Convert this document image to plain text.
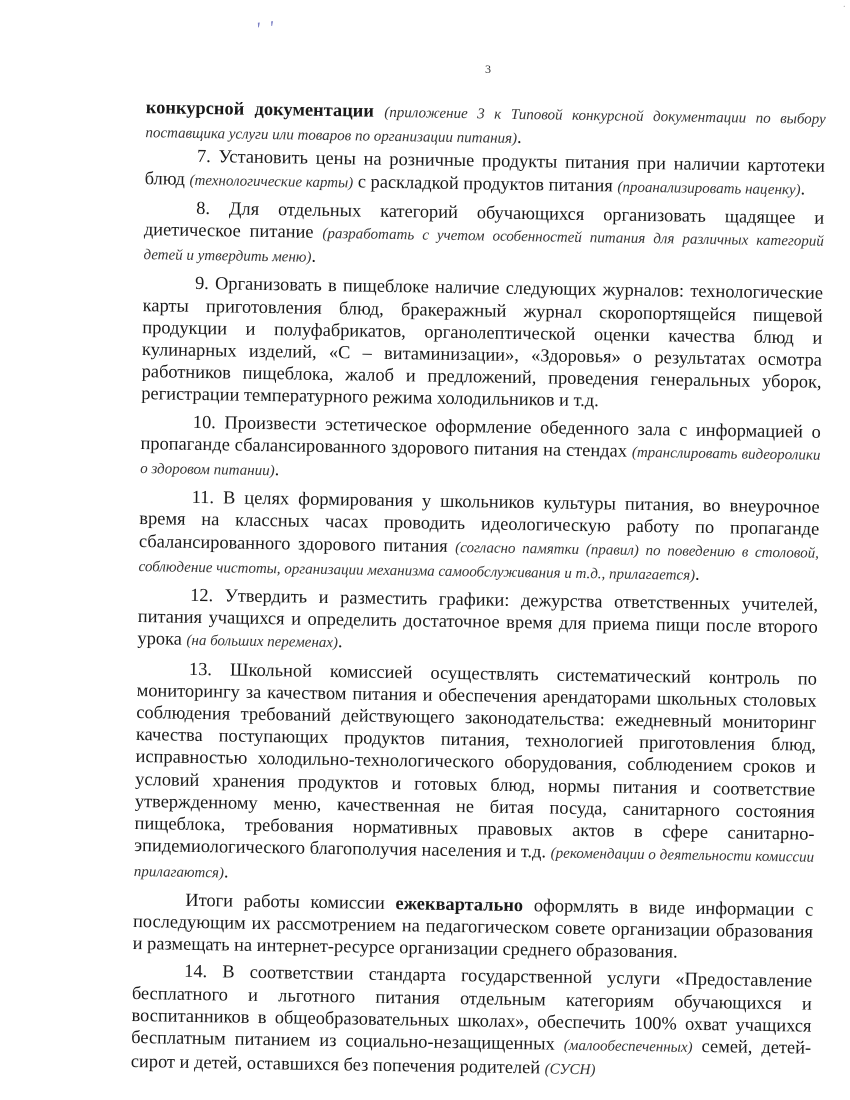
' '
·
3

конкурсной документации (приложение 3 к Типовой конкурсной документации по выбору поставщика услуги или товаров по организации питания).

7. Установить цены на розничные продукты питания при наличии картотеки блюд (технологические карты) с раскладкой продуктов питания (проанализировать наценку).

8. Для отдельных категорий обучающихся организовать щадящее и диетическое питание (разработать с учетом особенностей питания для различных категорий детей и утвердить меню).

9. Организовать в пищеблоке наличие следующих журналов: технологические карты приготовления блюд, бракеражный журнал скоропортящейся пищевой продукции и полуфабрикатов, органолептической оценки качества блюд и кулинарных изделий, «С – витаминизации», «Здоровья» о результатах осмотра работников пищеблока, жалоб и предложений, проведения генеральных уборок, регистрации температурного режима холодильников и т.д.

10. Произвести эстетическое оформление обеденного зала с информацией о пропаганде сбалансированного здорового питания на стендах (транслировать видеоролики о здоровом питании).

11. В целях формирования у школьников культуры питания, во внеурочное время на классных часах проводить идеологическую работу по пропаганде сбалансированного здорового питания (согласно памятки (правил) по поведению в столовой, соблюдение чистоты, организации механизма самообслуживания и т.д., прилагается).

12. Утвердить и разместить графики: дежурства ответственных учителей, питания учащихся и определить достаточное время для приема пищи после второго урока (на больших переменах).

13. Школьной комиссией осуществлять систематический контроль по мониторингу за качеством питания и обеспечения арендаторами школьных столовых соблюдения требований действующего законодательства: ежедневный мониторинг качества поступающих продуктов питания, технологией приготовления блюд, исправностью холодильно-технологического оборудования, соблюдением сроков и условий хранения продуктов и готовых блюд, нормы питания и соответствие утвержденному меню, качественная не битая посуда, санитарного состояния пищеблока, требования нормативных правовых актов в сфере санитарно-эпидемиологического благополучия населения и т.д. (рекомендации о деятельности комиссии прилагаются).

Итоги работы комиссии ежеквартально оформлять в виде информации с последующим их рассмотрением на педагогическом совете организации образования и размещать на интернет-ресурсе организации среднего образования.

14. В соответствии стандарта государственной услуги «Предоставление бесплатного и льготного питания отдельным категориям обучающихся и воспитанников в общеобразовательных школах», обеспечить 100% охват учащихся бесплатным питанием из социально-незащищенных (малообеспеченных) семей, детей-сирот и детей, оставшихся без попечения родителей (СУСН)
